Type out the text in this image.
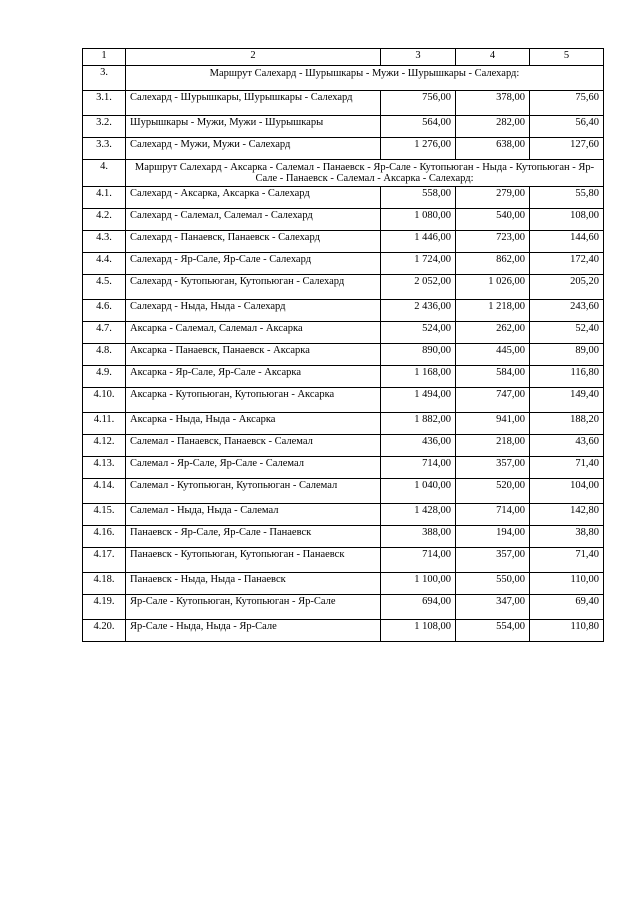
1	2	3	4	5
3.	Маршрут Салехард - Шурышкары - Мужи - Шурышкары - Салехард:			
3.1.	Салехард - Шурышкары, Шурышкары - Салехард	756,00	378,00	75,60
3.2.	Шурышкары - Мужи, Мужи - Шурышкары	564,00	282,00	56,40
3.3.	Салехард - Мужи, Мужи - Салехард	1 276,00	638,00	127,60
4.	Маршрут Салехард - Аксарка - Салемал - Панаевск - Яр-Сале - Кутопьюган - Ныда - Кутопьюган - Яр-Сале - Панаевск - Салемал - Аксарка - Салехард:			
4.1.	Салехард - Аксарка, Аксарка - Салехард	558,00	279,00	55,80
4.2.	Салехард - Салемал, Салемал - Салехард	1 080,00	540,00	108,00
4.3.	Салехард - Панаевск, Панаевск - Салехард	1 446,00	723,00	144,60
4.4.	Салехард - Яр-Сале, Яр-Сале - Салехард	1 724,00	862,00	172,40
4.5.	Салехард - Кутопьюган, Кутопьюган - Салехард	2 052,00	1 026,00	205,20
4.6.	Салехард - Ныда, Ныда - Салехард	2 436,00	1 218,00	243,60
4.7.	Аксарка - Салемал, Салемал - Аксарка	524,00	262,00	52,40
4.8.	Аксарка - Панаевск, Панаевск - Аксарка	890,00	445,00	89,00
4.9.	Аксарка - Яр-Сале, Яр-Сале - Аксарка	1 168,00	584,00	116,80
4.10.	Аксарка - Кутопьюган, Кутопьюган - Аксарка	1 494,00	747,00	149,40
4.11.	Аксарка - Ныда, Ныда - Аксарка	1 882,00	941,00	188,20
4.12.	Салемал - Панаевск, Панаевск - Салемал	436,00	218,00	43,60
4.13.	Салемал - Яр-Сале, Яр-Сале - Салемал	714,00	357,00	71,40
4.14.	Салемал - Кутопьюган, Кутопьюган - Салемал	1 040,00	520,00	104,00
4.15.	Салемал - Ныда, Ныда - Салемал	1 428,00	714,00	142,80
4.16.	Панаевск - Яр-Сале, Яр-Сале - Панаевск	388,00	194,00	38,80
4.17.	Панаевск - Кутопьюган, Кутопьюган - Панаевск	714,00	357,00	71,40
4.18.	Панаевск - Ныда, Ныда - Панаевск	1 100,00	550,00	110,00
4.19.	Яр-Сале - Кутопьюган, Кутопьюган - Яр-Сале	694,00	347,00	69,40
4.20.	Яр-Сале - Ныда, Ныда - Яр-Сале	1 108,00	554,00	110,80
